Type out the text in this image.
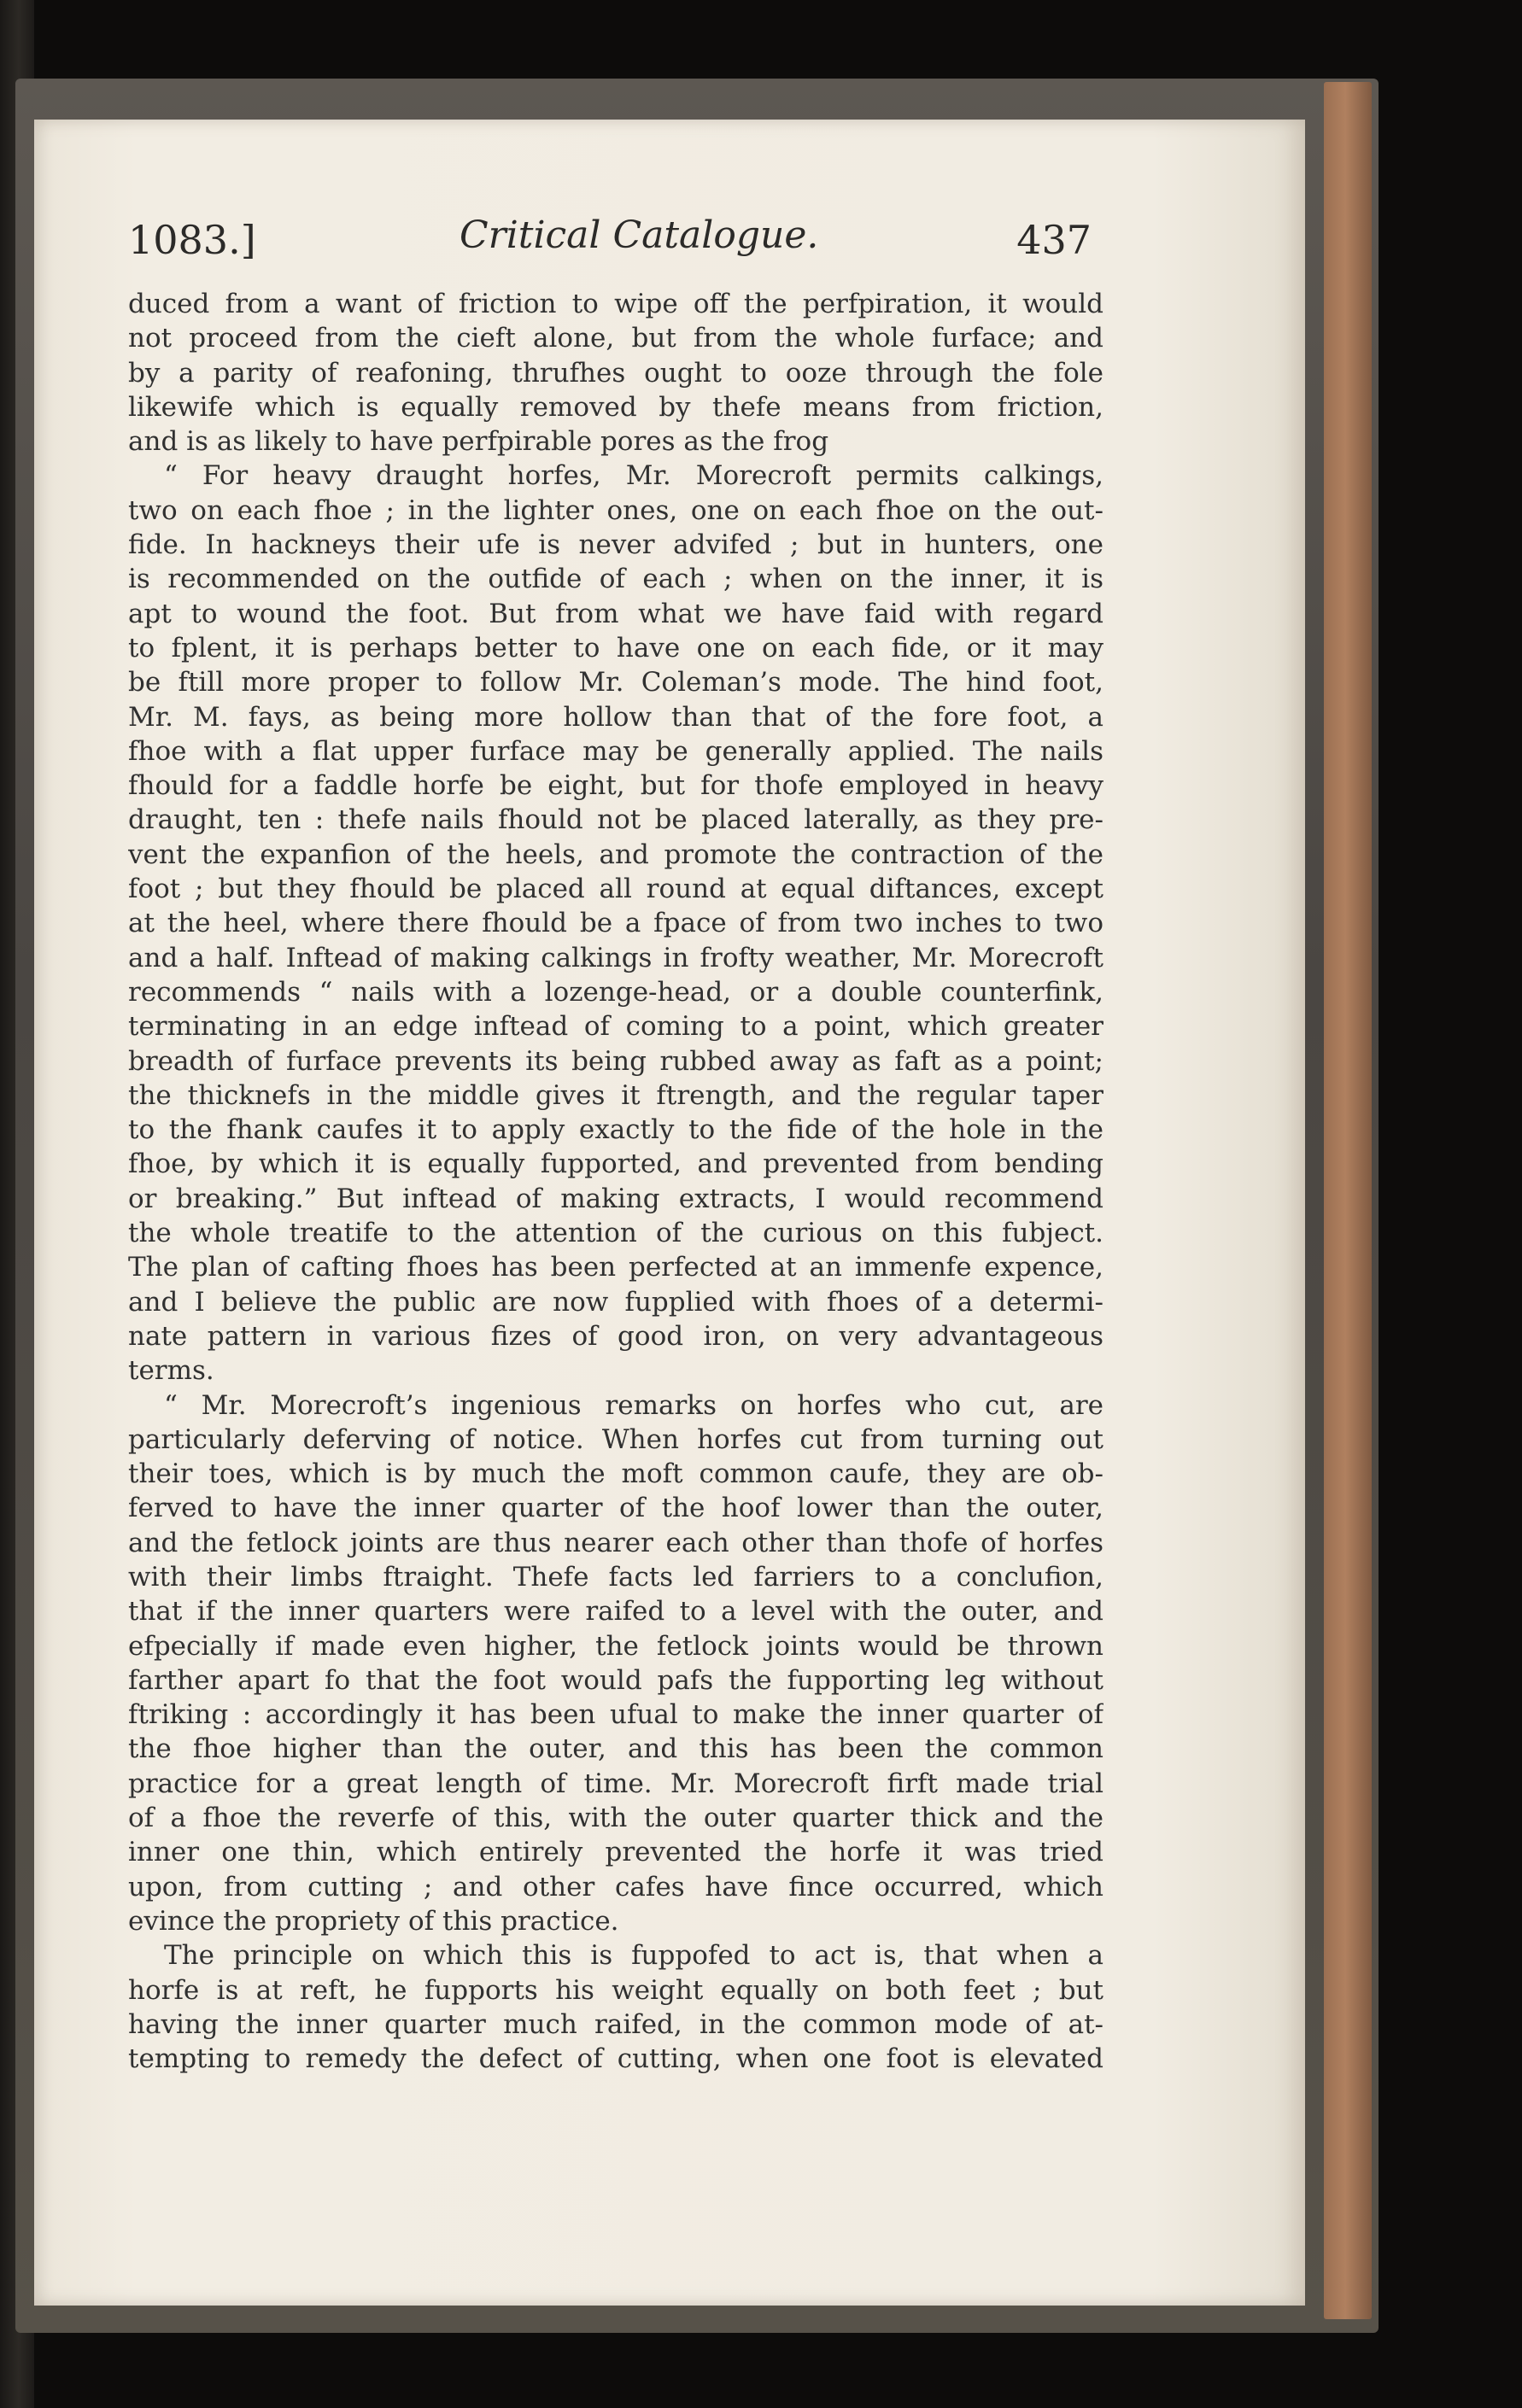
1083.]	Critical Catalogue.	437
duced from a want of friction to wipe off the perfpiration, it would
not proceed from the cieft alone, but from the whole furface; and
by a parity of reafoning, thrufhes ought to ooze through the fole
likewife which is equally removed by thefe means from friction,
and is as likely to have perfpirable pores as the frog
“ For heavy draught horfes, Mr. Morecroft permits calkings,
two on each fhoe ; in the lighter ones, one on each fhoe on the out-
fide. In hackneys their ufe is never advifed ; but in hunters, one
is recommended on the outfide of each ; when on the inner, it is
apt to wound the foot. But from what we have faid with regard
to fplent, it is perhaps better to have one on each fide, or it may
be ftill more proper to follow Mr. Coleman’s mode. The hind foot,
Mr. M. fays, as being more hollow than that of the fore foot, a
fhoe with a flat upper furface may be generally applied. The nails
fhould for a faddle horfe be eight, but for thofe employed in heavy
draught, ten : thefe nails fhould not be placed laterally, as they pre-
vent the expanfion of the heels, and promote the contraction of the
foot ; but they fhould be placed all round at equal diftances, except
at the heel, where there fhould be a fpace of from two inches to two
and a half. Inftead of making calkings in frofty weather, Mr. Morecroft
recommends “ nails with a lozenge-head, or a double counterfink,
terminating in an edge inftead of coming to a point, which greater
breadth of furface prevents its being rubbed away as faft as a point;
the thicknefs in the middle gives it ftrength, and the regular taper
to the fhank caufes it to apply exactly to the fide of the hole in the
fhoe, by which it is equally fupported, and prevented from bending
or breaking.” But inftead of making extracts, I would recommend
the whole treatife to the attention of the curious on this fubject.
The plan of cafting fhoes has been perfected at an immenfe expence,
and I believe the public are now fupplied with fhoes of a determi-
nate pattern in various fizes of good iron, on very advantageous
terms.
“ Mr. Morecroft’s ingenious remarks on horfes who cut, are
particularly deferving of notice. When horfes cut from turning out
their toes, which is by much the moft common caufe, they are ob-
ferved to have the inner quarter of the hoof lower than the outer,
and the fetlock joints are thus nearer each other than thofe of horfes
with their limbs ftraight. Thefe facts led farriers to a conclufion,
that if the inner quarters were raifed to a level with the outer, and
efpecially if made even higher, the fetlock joints would be thrown
farther apart fo that the foot would pafs the fupporting leg without
ftriking : accordingly it has been ufual to make the inner quarter of
the fhoe higher than the outer, and this has been the common
practice for a great length of time. Mr. Morecroft firft made trial
of a fhoe the reverfe of this, with the outer quarter thick and the
inner one thin, which entirely prevented the horfe it was tried
upon, from cutting ; and other cafes have fince occurred, which
evince the propriety of this practice.
The principle on which this is fuppofed to act is, that when a
horfe is at reft, he fupports his weight equally on both feet ; but
having the inner quarter much raifed, in the common mode of at-
tempting to remedy the defect of cutting, when one foot is elevated
